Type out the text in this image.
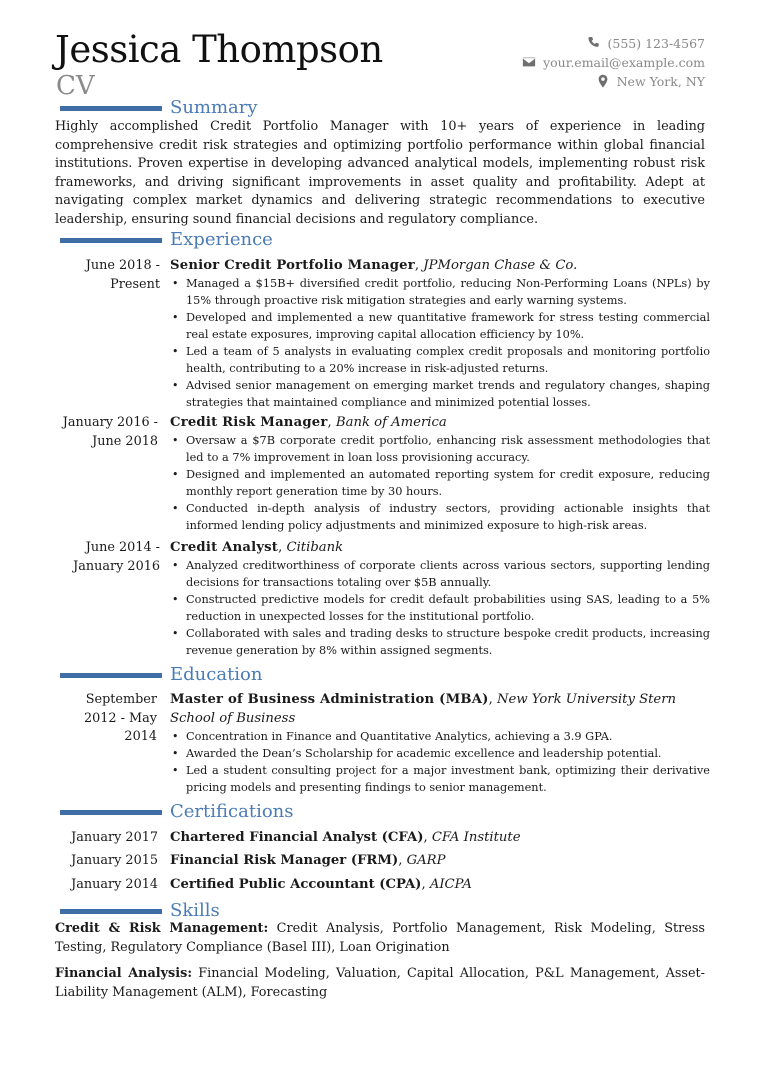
Jessica Thompson
CV
(555) 123-4567
your.email@example.com
New York, NY
Summary
Highly accomplished Credit Portfolio Manager with 10+ years of experience in leading comprehensive credit risk strategies and optimizing portfolio performance within global financial institutions. Proven expertise in developing advanced analytical models, implementing robust risk frameworks, and driving significant improvements in asset quality and profitability. Adept at navigating complex market dynamics and delivering strategic recommendations to executive leadership, ensuring sound financial decisions and regulatory compliance.
Experience
June 2018 - Present
Senior Credit Portfolio Manager, JPMorgan Chase & Co.
• Managed a $15B+ diversified credit portfolio, reducing Non-Performing Loans (NPLs) by 15% through proactive risk mitigation strategies and early warning systems.
• Developed and implemented a new quantitative framework for stress testing commercial real estate exposures, improving capital allocation efficiency by 10%.
• Led a team of 5 analysts in evaluating complex credit proposals and monitoring portfolio health, contributing to a 20% increase in risk-adjusted returns.
• Advised senior management on emerging market trends and regulatory changes, shaping strategies that maintained compliance and minimized potential losses.
January 2016 - June 2018
Credit Risk Manager, Bank of America
• Oversaw a $7B corporate credit portfolio, enhancing risk assessment methodologies that led to a 7% improvement in loan loss provisioning accuracy.
• Designed and implemented an automated reporting system for credit exposure, reducing monthly report generation time by 30 hours.
• Conducted in-depth analysis of industry sectors, providing actionable insights that informed lending policy adjustments and minimized exposure to high-risk areas.
June 2014 - January 2016
Credit Analyst, Citibank
• Analyzed creditworthiness of corporate clients across various sectors, supporting lending decisions for transactions totaling over $5B annually.
• Constructed predictive models for credit default probabilities using SAS, leading to a 5% reduction in unexpected losses for the institutional portfolio.
• Collaborated with sales and trading desks to structure bespoke credit products, increasing revenue generation by 8% within assigned segments.
Education
September 2012 - May 2014
Master of Business Administration (MBA), New York University Stern School of Business
• Concentration in Finance and Quantitative Analytics, achieving a 3.9 GPA.
• Awarded the Dean’s Scholarship for academic excellence and leadership potential.
• Led a student consulting project for a major investment bank, optimizing their derivative pricing models and presenting findings to senior management.
Certifications
January 2017 Chartered Financial Analyst (CFA), CFA Institute
January 2015 Financial Risk Manager (FRM), GARP
January 2014 Certified Public Accountant (CPA), AICPA
Skills
Credit & Risk Management: Credit Analysis, Portfolio Management, Risk Modeling, Stress Testing, Regulatory Compliance (Basel III), Loan Origination
Financial Analysis: Financial Modeling, Valuation, Capital Allocation, P&L Management, Asset-Liability Management (ALM), Forecasting
